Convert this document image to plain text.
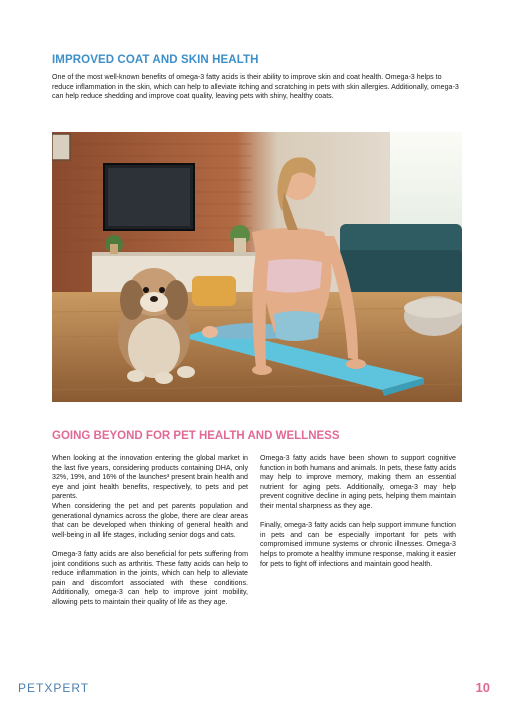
IMPROVED COAT AND SKIN HEALTH

One of the most well-known benefits of omega-3 fatty acids is their ability to improve skin and coat health. Omega-3 helps to reduce inflammation in the skin, which can help to alleviate itching and scratching in pets with skin allergies. Additionally, omega-3 can help reduce shedding and improve coat quality, leaving pets with shiny, healthy coats.

GOING BEYOND FOR PET HEALTH AND WELLNESS

When looking at the innovation entering the global market in the last five years, considering products containing DHA, only 32%, 19%, and 16% of the launches³ present brain health and eye and joint health benefits, respectively, to pets and pet parents.

When considering the pet and pet parents population and generational dynamics across the globe, there are clear areas that can be developed when thinking of general health and well-being in all life stages, including senior dogs and cats.

Omega-3 fatty acids are also beneficial for pets suffering from joint conditions such as arthritis. These fatty acids can help to reduce inflammation in the joints, which can help to alleviate pain and discomfort associated with these conditions. Additionally, omega-3 can help to improve joint mobility, allowing pets to maintain their quality of life as they age.

Omega-3 fatty acids have been shown to support cognitive function in both humans and animals. In pets, these fatty acids may help to improve memory, making them an essential nutrient for aging pets. Additionally, omega-3 may help prevent cognitive decline in aging pets, helping them maintain their mental sharpness as they age.

Finally, omega-3 fatty acids can help support immune function in pets and can be especially important for pets with compromised immune systems or chronic illnesses. Omega-3 helps to promote a healthy immune response, making it easier for pets to fight off infections and maintain good health.

PETXPERT	10
